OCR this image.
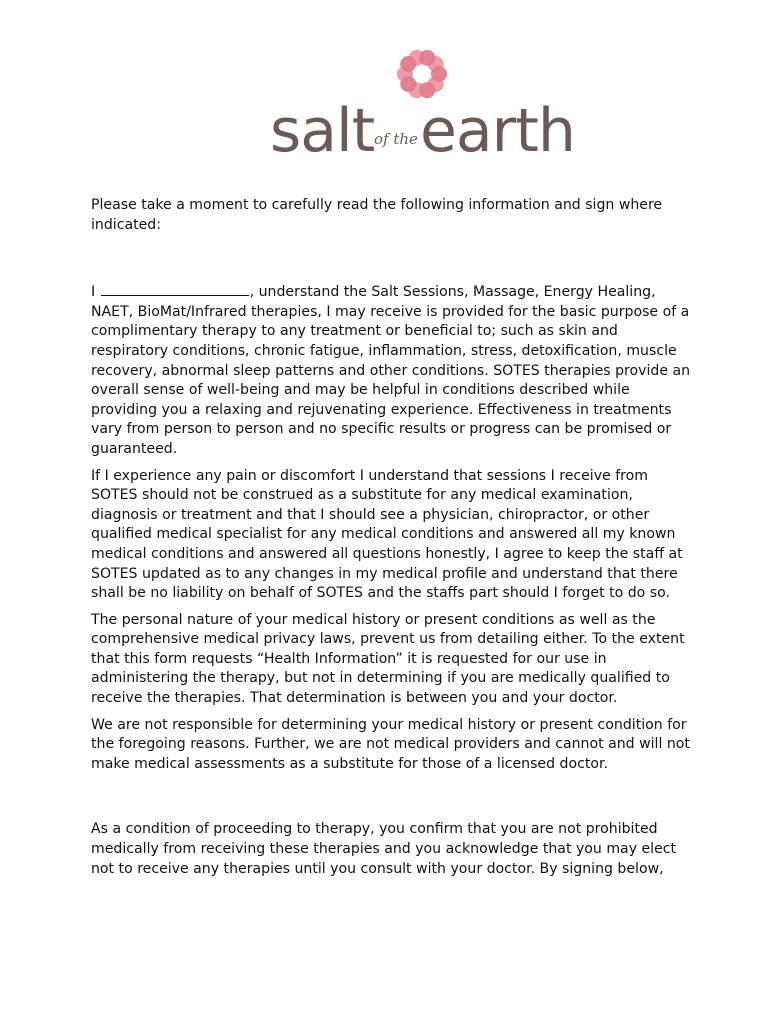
salt of the earth

Please take a moment to carefully read the following information and sign where indicated:

I	, understand the Salt Sessions, Massage, Energy Healing, NAET, BioMat/Infrared therapies, I may receive is provided for the basic purpose of a complimentary therapy to any treatment or beneficial to; such as skin and respiratory conditions, chronic fatigue, inflammation, stress, detoxification, muscle recovery, abnormal sleep patterns and other conditions. SOTES therapies provide an overall sense of well-being and may be helpful in conditions described while providing you a relaxing and rejuvenating experience. Effectiveness in treatments vary from person to person and no specific results or progress can be promised or guaranteed.

If I experience any pain or discomfort I understand that sessions I receive from SOTES should not be construed as a substitute for any medical examination, diagnosis or treatment and that I should see a physician, chiropractor, or other qualified medical specialist for any medical conditions and answered all my known medical conditions and answered all questions honestly, I agree to keep the staff at SOTES updated as to any changes in my medical profile and understand that there shall be no liability on behalf of SOTES and the staffs part should I forget to do so.

The personal nature of your medical history or present conditions as well as the comprehensive medical privacy laws, prevent us from detailing either. To the extent that this form requests “Health Information” it is requested for our use in administering the therapy, but not in determining if you are medically qualified to receive the therapies. That determination is between you and your doctor.

We are not responsible for determining your medical history or present condition for the foregoing reasons. Further, we are not medical providers and cannot and will not make medical assessments as a substitute for those of a licensed doctor.

As a condition of proceeding to therapy, you confirm that you are not prohibited medically from receiving these therapies and you acknowledge that you may elect not to receive any therapies until you consult with your doctor. By signing below,
